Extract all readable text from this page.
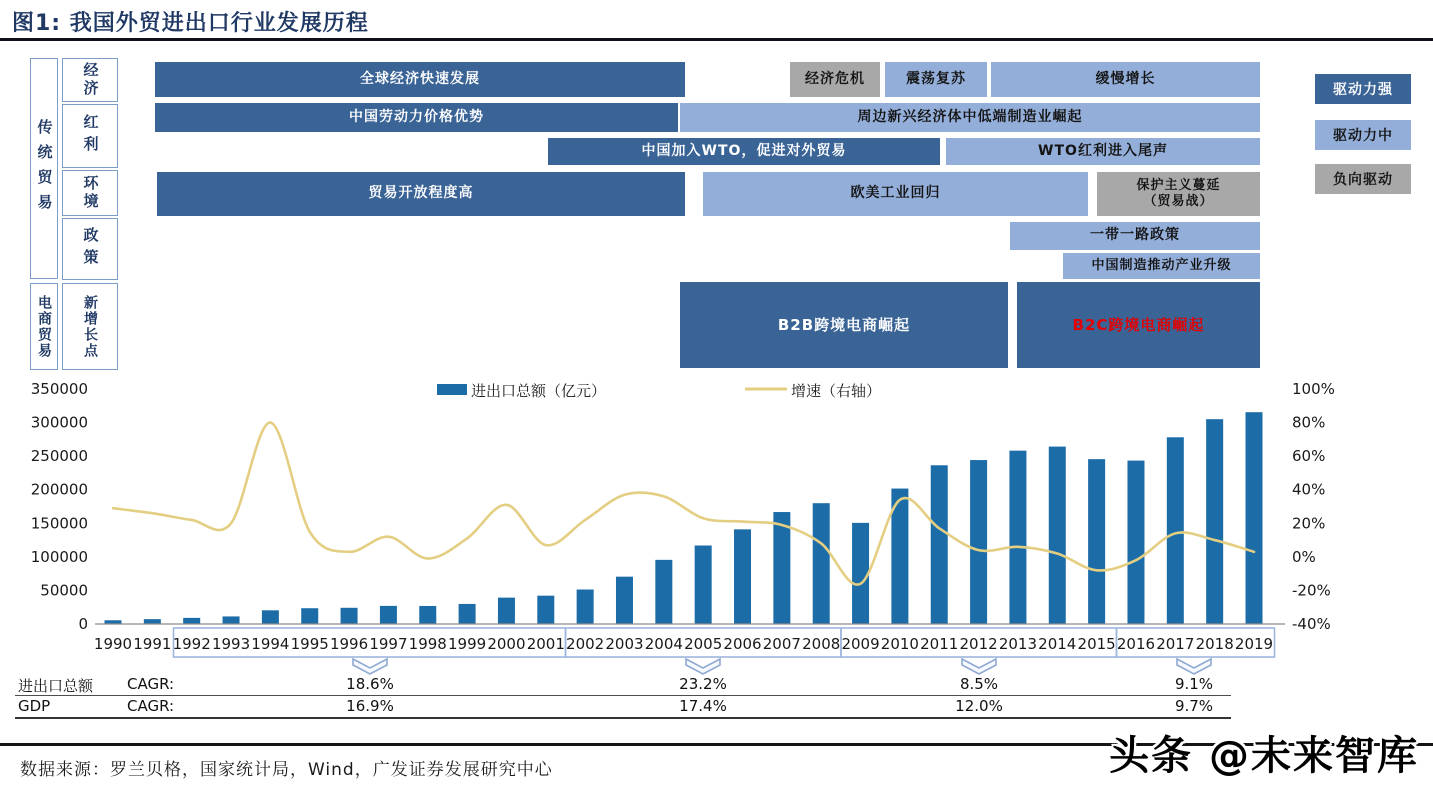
图1: 我国外贸进出口行业发展历程
传统贸易
经济
红利
环境
政策
电商贸易 新增长点
全球经济快速发展	经济危机	震荡复苏	缓慢增长
中国劳动力价格优势	周边新兴经济体中低端制造业崛起
中国加入WTO，促进对外贸易	WTO红利进入尾声
贸易开放程度高	欧美工业回归	保护主义蔓延
（贸易战）
一带一路政策
中国制造推动产业升级
B2B跨境电商崛起	B2C跨境电商崛起
驱动力强
驱动力中
负向驱动
进出口总额（亿元）	增速（右轴）
350000
300000
250000
200000
150000
100000
50000
0
100%
80%
60%
40%
20%
0%
-20%
-40%
1990 1991 1992 1993 1994 1995 1996 1997 1998 1999 2000 2001 2002 2003 2004 2005 2006 2007 2008 2009 2010 2011 2012 2013 2014 2015 2016 2017 2018 2019
进出口总额 CAGR:	18.6%	23.2%	8.5%	9.1%
GDP	CAGR:	16.9%	17.4%	12.0%	9.7%
数据来源：罗兰贝格，国家统计局，Wind，广发证券发展研究中心	头条 @未来智库
